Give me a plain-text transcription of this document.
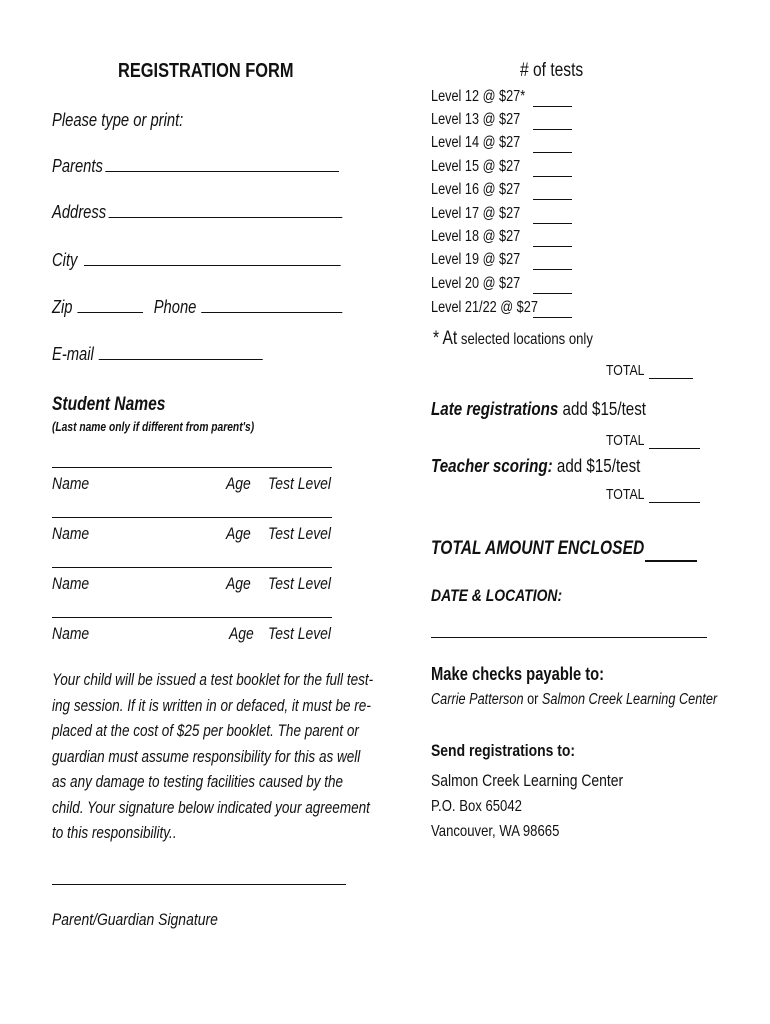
REGISTRATION FORM
Please type or print:
Parents
Address
City
Zip	Phone
E-mail
Student Names
(Last name only if different from parent's)
Name	Age Test Level
Name	Age Test Level
Name	Age Test Level
Name	Age Test Level
Your child will be issued a test booklet for the full test-
ing session. If it is written in or defaced, it must be re-
placed at the cost of $25 per booklet. The parent or
guardian must assume responsibility for this as well
as any damage to testing facilities caused by the
child. Your signature below indicated your agreement
to this responsibility..
Parent/Guardian Signature
# of tests
Level 12 @ $27*
Level 13 @ $27
Level 14 @ $27
Level 15 @ $27
Level 16 @ $27
Level 17 @ $27
Level 18 @ $27
Level 19 @ $27
Level 20 @ $27
Level 21/22 @ $27
* At selected locations only
TOTAL
Late registrations add $15/test
TOTAL
Teacher scoring: add $15/test
TOTAL
TOTAL AMOUNT ENCLOSED
DATE & LOCATION:
Make checks payable to:
Carrie Patterson or Salmon Creek Learning Center
Send registrations to:
Salmon Creek Learning Center
P.O. Box 65042
Vancouver, WA 98665
